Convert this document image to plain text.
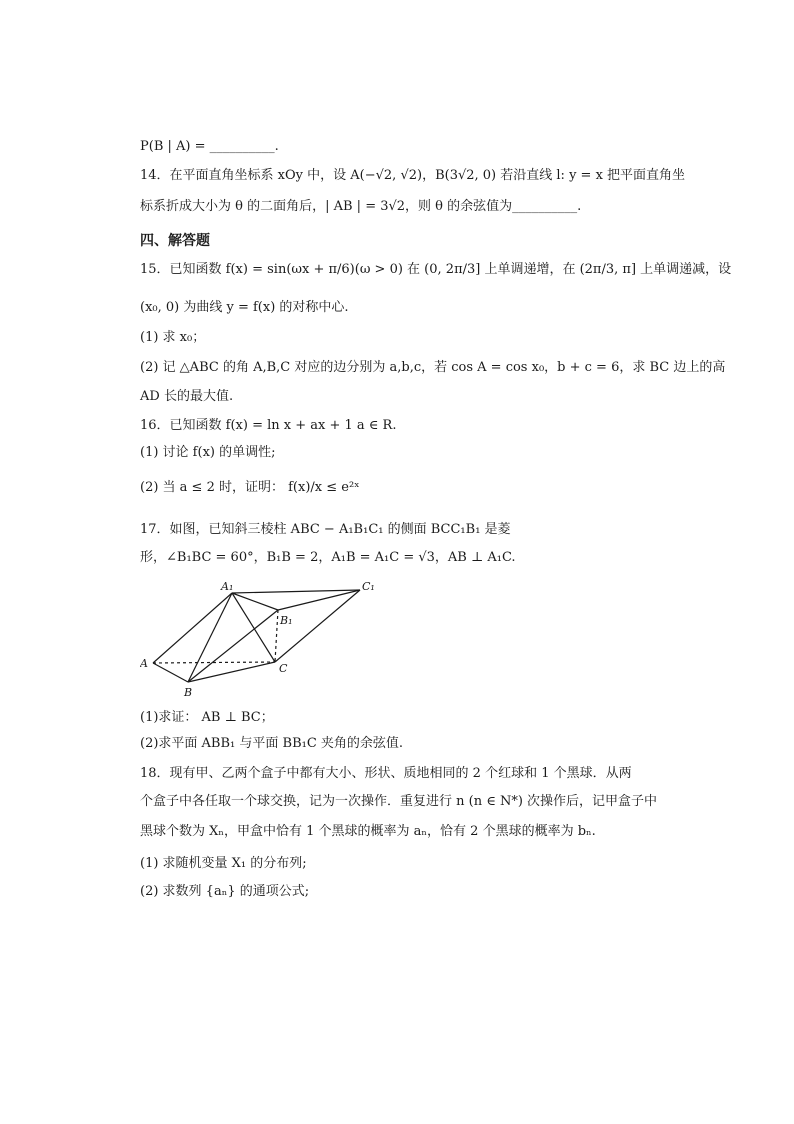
P(B | A) = __________.
14．在平面直角坐标系 xOy 中，设 A(−√2, √2)，B(3√2, 0) 若沿直线 l: y = x 把平面直角坐
标系折成大小为 θ 的二面角后，| AB | = 3√2，则 θ 的余弦值为__________.
四、解答题
15．已知函数 f(x) = sin(ωx + π/6)(ω > 0) 在 (0, 2π/3] 上单调递增，在 (2π/3, π] 上单调递减，设
(x₀, 0) 为曲线 y = f(x) 的对称中心.
(1) 求 x₀；
(2) 记 △ABC 的角 A,B,C 对应的边分别为 a,b,c，若 cos A = cos x₀，b + c = 6，求 BC 边上的高
AD 长的最大值.
16．已知函数 f(x) = ln x + ax + 1 a ∈ R.
(1) 讨论 f(x) 的单调性;
(2) 当 a ≤ 2 时，证明： f(x)/x ≤ e²ˣ
17．如图，已知斜三棱柱 ABC − A₁B₁C₁ 的侧面 BCC₁B₁ 是菱
形，∠B₁BC = 60°，B₁B = 2，A₁B = A₁C = √3，AB ⊥ A₁C.
A
B
C
A₁
B₁
C₁
(1)求证： AB ⊥ BC；
(2)求平面 ABB₁ 与平面 BB₁C 夹角的余弦值.
18．现有甲、乙两个盒子中都有大小、形状、质地相同的 2 个红球和 1 个黑球．从两
个盒子中各任取一个球交换，记为一次操作．重复进行 n (n ∈ N*) 次操作后，记甲盒子中
黑球个数为 Xₙ，甲盒中恰有 1 个黑球的概率为 aₙ，恰有 2 个黑球的概率为 bₙ.
(1) 求随机变量 X₁ 的分布列;
(2) 求数列 {aₙ} 的通项公式;
